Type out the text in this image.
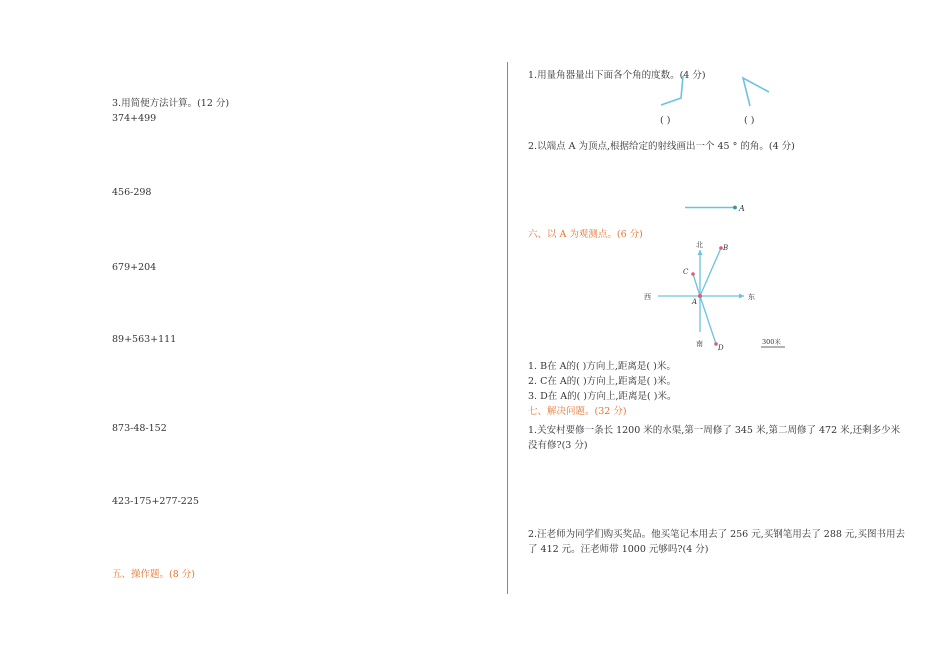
3.用简便方法计算。(12 分)
374+499
456-298
679+204
89+563+111
873-48-152
423-175+277-225
五、操作题。(8 分)
1.用量角器量出下面各个角的度数。(4 分)
( )	( )
2.以端点 A 为顶点,根据给定的射线画出一个 45 ° 的角。(4 分)
A
六、以 A 为观测点。(6 分)
北
南
西	东
A
B
C
D
300米
1. B在 A的( )方向上,距离是( )米。
2. C在 A的( )方向上,距离是( )米。
3. D在 A的( )方向上,距离是( )米。
七、解决问题。(32 分)
1.关安村要修一条长 1200 米的水渠,第一周修了 345 米,第二周修了 472 米,还剩多少米没有修?(3 分)
2.汪老师为同学们购买奖品。他买笔记本用去了 256 元,买钢笔用去了 288 元,买图书用去了 412 元。汪老师带 1000 元够吗?(4 分)
